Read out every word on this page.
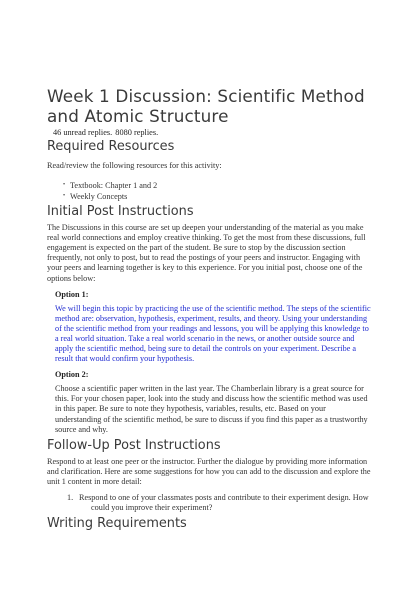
Week 1 Discussion: Scientific Method and Atomic Structure
46 unread replies. 8080 replies.
Required Resources

Read/review the following resources for this activity:

• Textbook: Chapter 1 and 2
• Weekly Concepts
Initial Post Instructions

The Discussions in this course are set up deepen your understanding of the material as you make real world connections and employ creative thinking. To get the most from these discussions, full engagement is expected on the part of the student. Be sure to stop by the discussion section frequently, not only to post, but to read the postings of your peers and instructor. Engaging with your peers and learning together is key to this experience. For you initial post, choose one of the options below:

Option 1:

We will begin this topic by practicing the use of the scientific method. The steps of the scientific method are: observation, hypothesis, experiment, results, and theory. Using your understanding of the scientific method from your readings and lessons, you will be applying this knowledge to a real world situation. Take a real world scenario in the news, or another outside source and apply the scientific method, being sure to detail the controls on your experiment. Describe a result that would confirm your hypothesis.

Option 2:

Choose a scientific paper written in the last year. The Chamberlain library is a great source for this. For your chosen paper, look into the study and discuss how the scientific method was used in this paper. Be sure to note they hypothesis, variables, results, etc. Based on your understanding of the scientific method, be sure to discuss if you find this paper as a trustworthy source and why.

Follow-Up Post Instructions

Respond to at least one peer or the instructor. Further the dialogue by providing more information and clarification. Here are some suggestions for how you can add to the discussion and explore the unit 1 content in more detail:

1. Respond to one of your classmates posts and contribute to their experiment design. How
could you improve their experiment?
Writing Requirements
